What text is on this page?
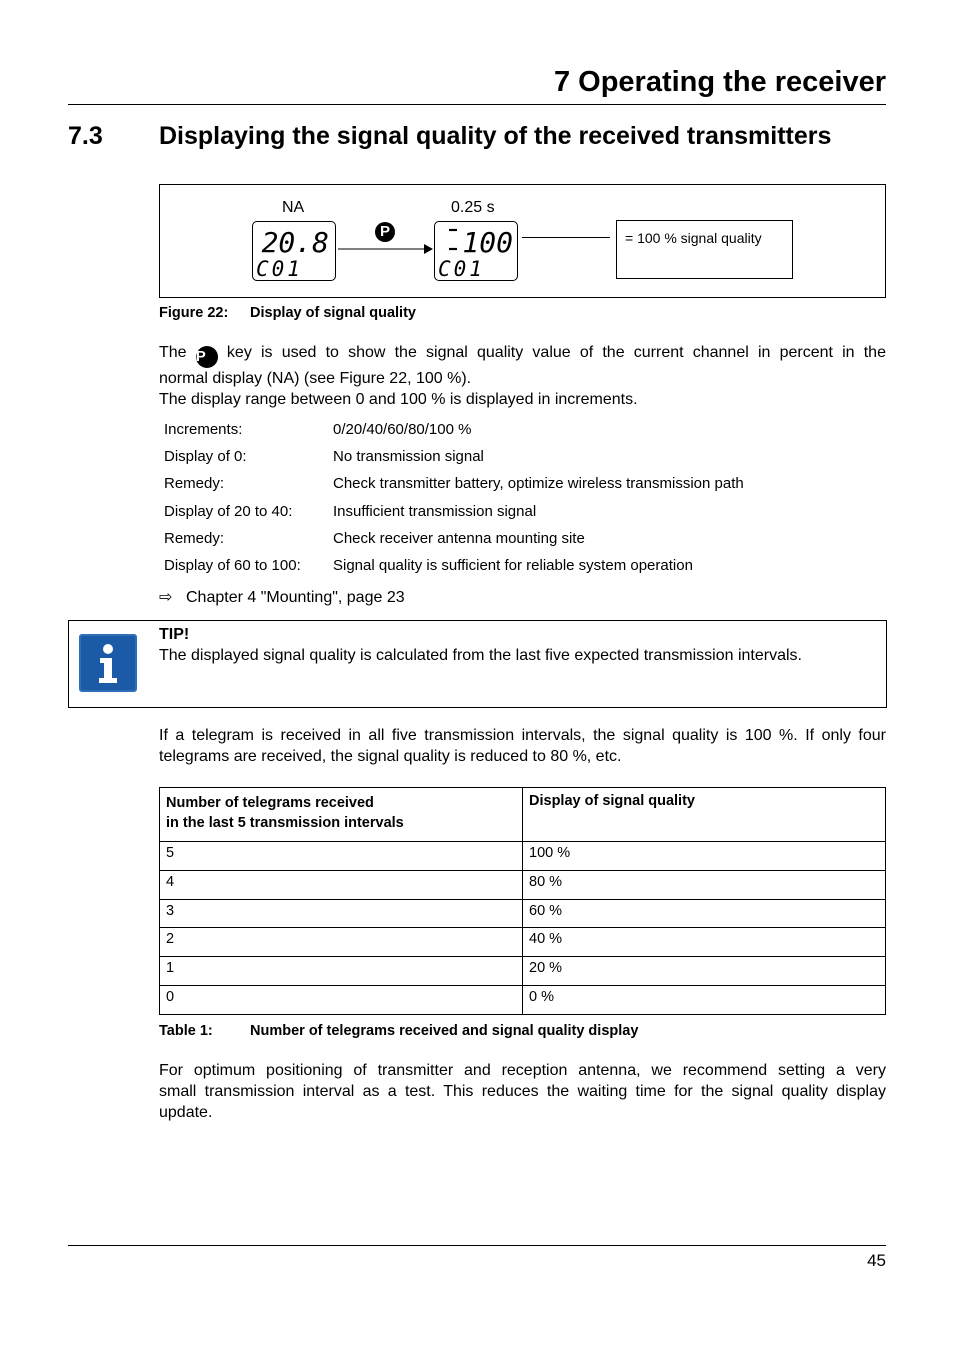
7 Operating the receiver
7.3 Displaying the signal quality of the received transmitters
NA	0.25 s
20.8
C01
P	100
C01
= 100 % signal quality
Figure 22: Display of signal quality
The P key is used to show the signal quality value of the current channel in percent in the
normal display (NA) (see Figure 22, 100 %).
The display range between 0 and 100 % is displayed in increments.
Increments:	0/20/40/60/80/100 %
Display of 0:	No transmission signal
Remedy:	Check transmitter battery, optimize wireless transmission path
Display of 20 to 40:	Insufficient transmission signal
Remedy:	Check receiver antenna mounting site
Display of 60 to 100: Signal quality is sufficient for reliable system operation
⇨ Chapter 4 "Mounting", page 23
TIP!
The displayed signal quality is calculated from the last five expected transmission intervals.
If a telegram is received in all five transmission intervals, the signal quality is 100 %. If only four
telegrams are received, the signal quality is reduced to 80 %, etc.
Number of telegrams received
in the last 5 transmission intervals	Display of signal quality
5	100 %
4	80 %
3	60 %
2	40 %
1	20 %
0	0 %
Table 1:	Number of telegrams received and signal quality display
For optimum positioning of transmitter and reception antenna, we recommend setting a very
small transmission interval as a test. This reduces the waiting time for the signal quality display
update.
45
